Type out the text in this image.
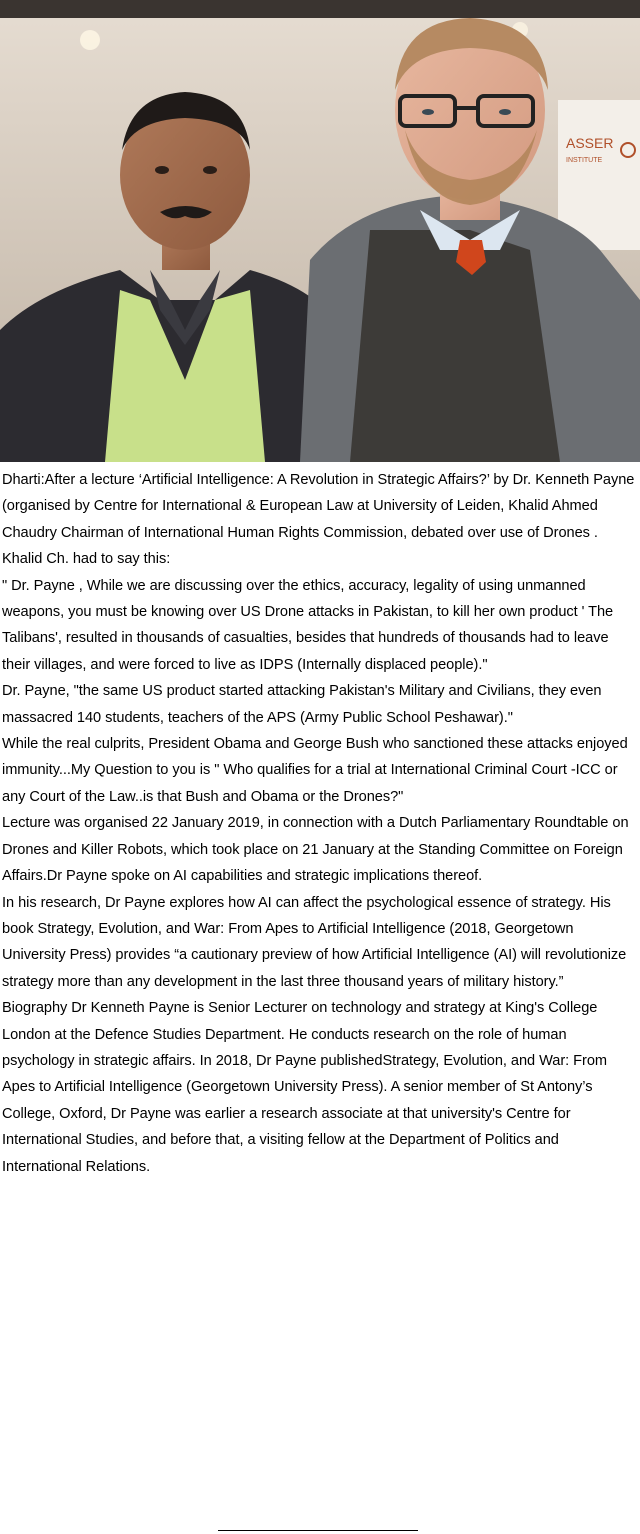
ASSER
INSTITUTE

Dharti:After a lecture ‘Artificial Intelligence: A Revolution in Strategic Affairs?’ by Dr. Kenneth Payne (organised by Centre for International & European Law at University of Leiden, Khalid Ahmed Chaudry Chairman of International Human Rights Commission, debated over use of Drones . Khalid Ch. had to say this:

" Dr. Payne , While we are discussing over the ethics, accuracy, legality of using unmanned weapons, you must be knowing over US Drone attacks in Pakistan, to kill her own product ' The Talibans', resulted in thousands of casualties, besides that hundreds of thousands had to leave their villages, and were forced to live as IDPS (Internally displaced people)."

Dr. Payne, "the same US product started attacking Pakistan's Military and Civilians, they even massacred 140 students, teachers of the APS (Army Public School Peshawar)."

While the real culprits, President Obama and George Bush who sanctioned these attacks enjoyed immunity...My Question to you is " Who qualifies for a trial at International Criminal Court -ICC or any Court of the Law..is that Bush and Obama or the Drones?"

Lecture was organised 22 January 2019, in connection with a Dutch Parliamentary Roundtable on Drones and Killer Robots, which took place on 21 January at the Standing Committee on Foreign Affairs.Dr Payne spoke on AI capabilities and strategic implications thereof.

In his research, Dr Payne explores how AI can affect the psychological essence of strategy. His book Strategy, Evolution, and War: From Apes to Artificial Intelligence (2018, Georgetown University Press) provides “a cautionary preview of how Artificial Intelligence (AI) will revolutionize strategy more than any development in the last three thousand years of military history.”

Biography Dr Kenneth Payne is Senior Lecturer on technology and strategy at King's College London at the Defence Studies Department. He conducts research on the role of human psychology in strategic affairs. In 2018, Dr Payne publishedStrategy, Evolution, and War: From Apes to Artificial Intelligence (Georgetown University Press). A senior member of St Antony’s College, Oxford, Dr Payne was earlier a research associate at that university's Centre for International Studies, and before that, a visiting fellow at the Department of Politics and International Relations.
